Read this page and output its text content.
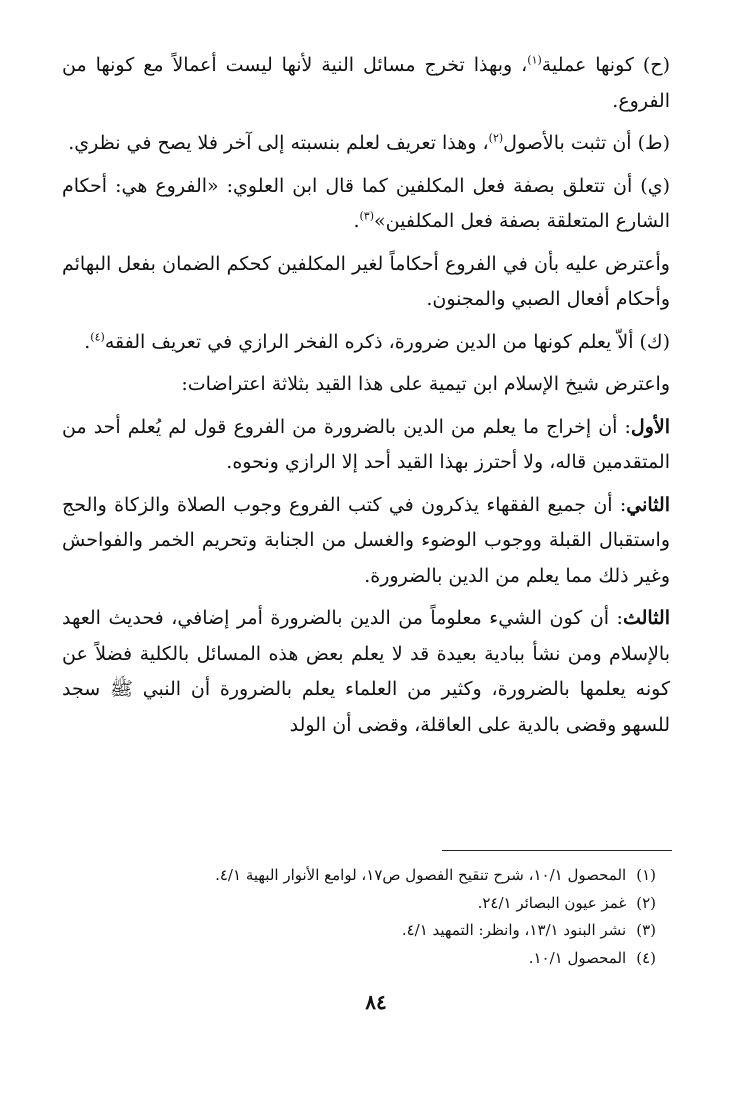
(ح) كونها عملية$^{(١)}$، وبهذا تخرج مسائل النية لأنها ليست أعمالاً مع كونها من الفروع.

(ط) أن تثبت بالأصول$^{(٢)}$، وهذا تعريف لعلم بنسبته إلى آخر فلا يصح في نظري.

(ي) أن تتعلق بصفة فعل المكلفين كما قال ابن العلوي: «الفروع هي: أحكام الشارع المتعلقة بصفة فعل المكلفين»$^{(٣)}$.

وأعترض عليه بأن في الفروع أحكاماً لغير المكلفين كحكم الضمان بفعل البهائم وأحكام أفعال الصبي والمجنون.

(ك) ألاّ يعلم كونها من الدين ضرورة، ذكره الفخر الرازي في تعريف الفقه$^{(٤)}$.

واعترض شيخ الإسلام ابن تيمية على هذا القيد بثلاثة اعتراضات:

الأول: أن إخراج ما يعلم من الدين بالضرورة من الفروع قول لم يُعلم أحد من المتقدمين قاله، ولا أحترز بهذا القيد أحد إلا الرازي ونحوه.

الثاني: أن جميع الفقهاء يذكرون في كتب الفروع وجوب الصلاة والزكاة والحج واستقبال القبلة ووجوب الوضوء والغسل من الجنابة وتحريم الخمر والفواحش وغير ذلك مما يعلم من الدين بالضرورة.

الثالث: أن كون الشيء معلوماً من الدين بالضرورة أمر إضافي، فحديث العهد بالإسلام ومن نشأ ببادية بعيدة قد لا يعلم بعض هذه المسائل بالكلية فضلاً عن كونه يعلمها بالضرورة، وكثير من العلماء يعلم بالضرورة أن النبي ﷺ سجد للسهو وقضى بالدية على العاقلة، وقضى أن الولد

(١)
المحصول ١٠/١، شرح تنقيح الفصول ص١٧، لوامع الأنوار البهية ٤/١.
(٢)
غمز عيون البصائر ٢٤/١.
(٣)
نشر البنود ١٣/١، وانظر: التمهيد ٤/١.
(٤)
المحصول ١٠/١.
٨٤
